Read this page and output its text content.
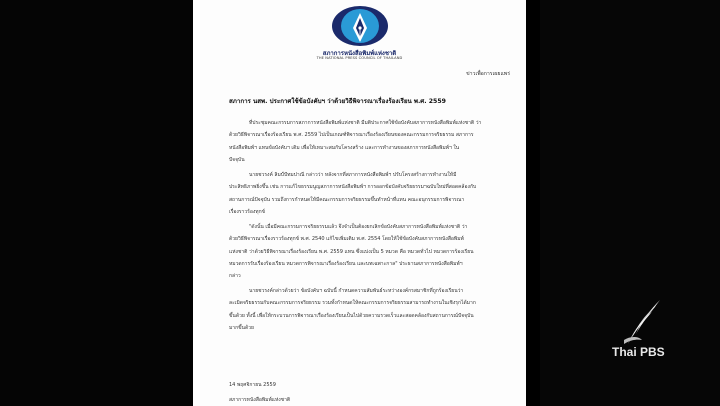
สภาการหนังสือพิมพ์แห่งชาติ
THE NATIONAL PRESS COUNCIL OF THAILAND
ข่าวเพื่อการเผยแพร่
สภาการ นสพ. ประกาศใช้ข้อบังคับฯ ว่าด้วยวิธีพิจารณาเรื่องร้องเรียน พ.ศ. 2559
ที่ประชุมคณะกรรมการสภาการหนังสือพิมพ์แห่งชาติ มีมติประกาศใช้ข้อบังคับสภาการหนังสือพิมพ์แห่งชาติ ว่า
ด้วยวิธีพิจารณาเรื่องร้องเรียน พ.ศ. 2559 ไปเป็นเกณฑ์พิจารณาเรื่องร้องเรียนของคณะกรรมการจริยธรรม สภาการ
หนังสือพิมพ์ฯ แทนข้อบังคับฯ เดิม เพื่อให้เหมาะสมกับโครงสร้าง และการทำงานของสภาการหนังสือพิมพ์ฯ ใน
ปัจจุบัน
นายชวรงค์ ลิมป์ปัทมปาณี กล่าวว่า หลังจากที่สภาการหนังสือพิมพ์ฯ ปรับโครงสร้างการทำงานให้มี
ประสิทธิภาพยิ่งขึ้น เช่น การแก้ไขธรรมนูญสภาการหนังสือพิมพ์ฯ การออกข้อบังคับจริยธรรมฯฉบับใหม่ที่สอดคล้องกับ
สถานการณ์ปัจจุบัน รวมถึงการกำหนดให้มีคณะกรรมการจริยธรรมขึ้นทำหน้าที่แทน คณะอนุกรรมการพิจารณา
เรื่องราวร้องทุกข์
"ดังนั้น เมื่อมีคณะกรรมการจริยธรรมแล้ว จึงจำเป็นต้องยกเลิกข้อบังคับสภาการหนังสือพิมพ์แห่งชาติ ว่า
ด้วยวิธีพิจารณาเรื่องราวร้องทุกข์ พ.ศ. 2540 แก้ไขเพิ่มเติม พ.ศ. 2554 โดยให้ใช้ข้อบังคับสภาการหนังสือพิมพ์
แห่งชาติ ว่าด้วยวิธีพิจารณาเรื่องร้องเรียน พ.ศ. 2559 แทน ซึ่งแบ่งเป็น 5 หมวด คือ หมวดทั่วไป หมวดการร้องเรียน
หมวดการรับเรื่องร้องเรียน หมวดการพิจารณาเรื่องร้องเรียน และบทเฉพาะกาล" ประธานสภาการหนังสือพิมพ์ฯ
กล่าว
นายชวรงค์กล่าวด้วยว่า ข้อบังคับฯ ฉบับนี้ กำหนดความสัมพันธ์ระหว่างองค์กรสมาชิกที่ถูกร้องเรียนว่า
ละเมิดจริยธรรมกับคณะกรรมการจริยธรรม รวมทั้งกำหนดให้คณะกรรมการจริยธรรมสามารถทำงานในเชิงรุกได้มาก
ขึ้นด้วย ทั้งนี้ เพื่อให้กระบวนการพิจารณาเรื่องร้องเรียนเป็นไปด้วยความรวดเร็วและสอดคล้องกับสถานการณ์ปัจจุบัน
มากขึ้นด้วย
14 พฤศจิกายน 2559
สภาการหนังสือพิมพ์แห่งชาติ
Thai PBS
